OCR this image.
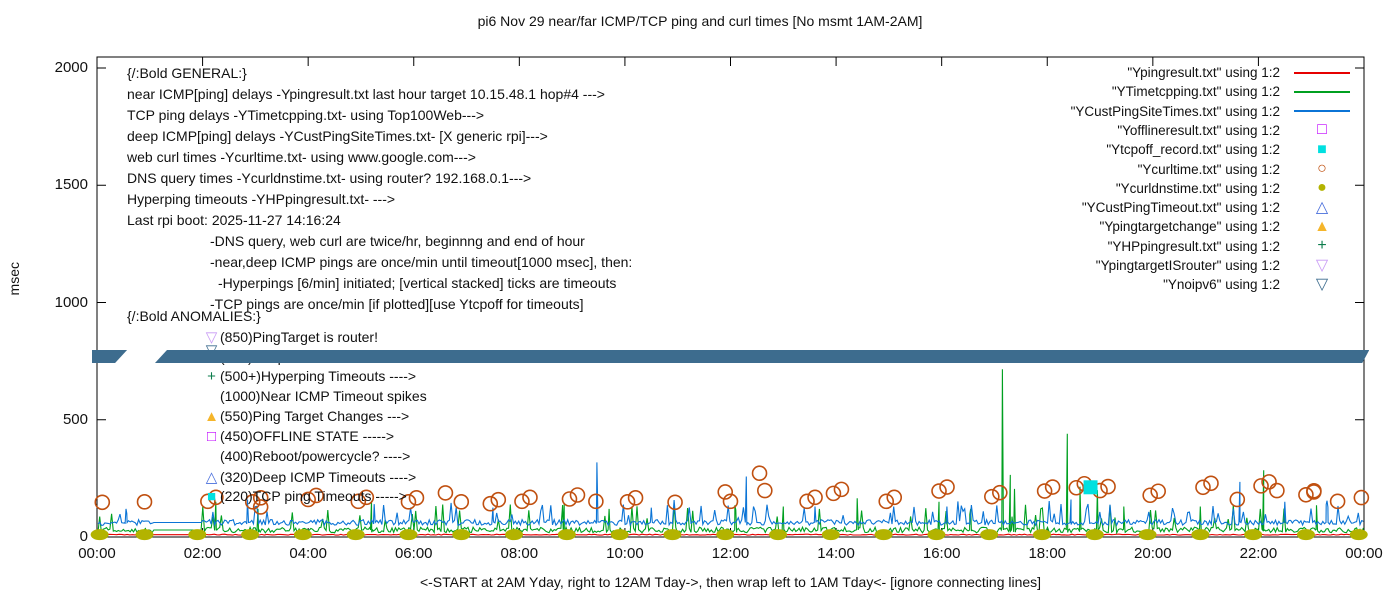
pi6 Nov 29 near/far ICMP/TCP ping and curl times [No msmt 1AM-2AM]
<-START at 2AM Yday, right to 12AM Tday->, then wrap left to 1AM Tday<- [ignore connecting lines]
msec
0
500
1000
1500
2000
00:00	02:00	04:00	06:00	08:00	10:00	12:00	14:00	16:00	18:00	20:00	22:00	00:00
{/:Bold GENERAL:}
near ICMP[ping] delays -Ypingresult.txt last hour target 10.15.48.1 hop#4 --->
TCP ping delays -YTimetcpping.txt- using Top100Web--->
deep ICMP[ping] delays -YCustPingSiteTimes.txt- [X generic rpi]--->
web curl times -Ycurltime.txt- using www.google.com--->
DNS query times -Ycurldnstime.txt- using router? 192.168.0.1--->
Hyperping timeouts -YHPpingresult.txt- --->
Last rpi boot: 2025-11-27 14:16:24
-DNS query, web curl are twice/hr, beginnng and end of hour
-near,deep ICMP pings are once/min until timeout[1000 msec], then:
-Hyperpings [6/min] initiated; [vertical stacked] ticks are timeouts
-TCP pings are once/min [if plotted][use Ytcpoff for timeouts]
{/:Bold ANOMALIES:}
▽ (850)PingTarget is router!
+ (500+)Hyperping Timeouts ---->
(1000)Near ICMP Timeout spikes
▲(550)Ping Target Changes --->
□ (450)OFFLINE STATE ----->
(400)Reboot/powercycle? ---->
△ (320)Deep ICMP Timeouts ---->
■ (220)TCP ping Timeouts ----->
"Ypingresult.txt" using 1:2
"YTimetcpping.txt" using 1:2
"YCustPingSiteTimes.txt" using 1:2
"Yofflineresult.txt" using 1:2 □
"Ytcpoff_record.txt" using 1:2 ■
"Ycurltime.txt" using 1:2 ○
"Ycurldnstime.txt" using 1:2 ●
"YCustPingTimeout.txt" using 1:2 △
"Ypingtargetchange" using 1:2 ▲
"YHPpingresult.txt" using 1:2 +
"YpingtargetISrouter" using 1:2 ▽
"Ynoipv6" using 1:2 ▽
